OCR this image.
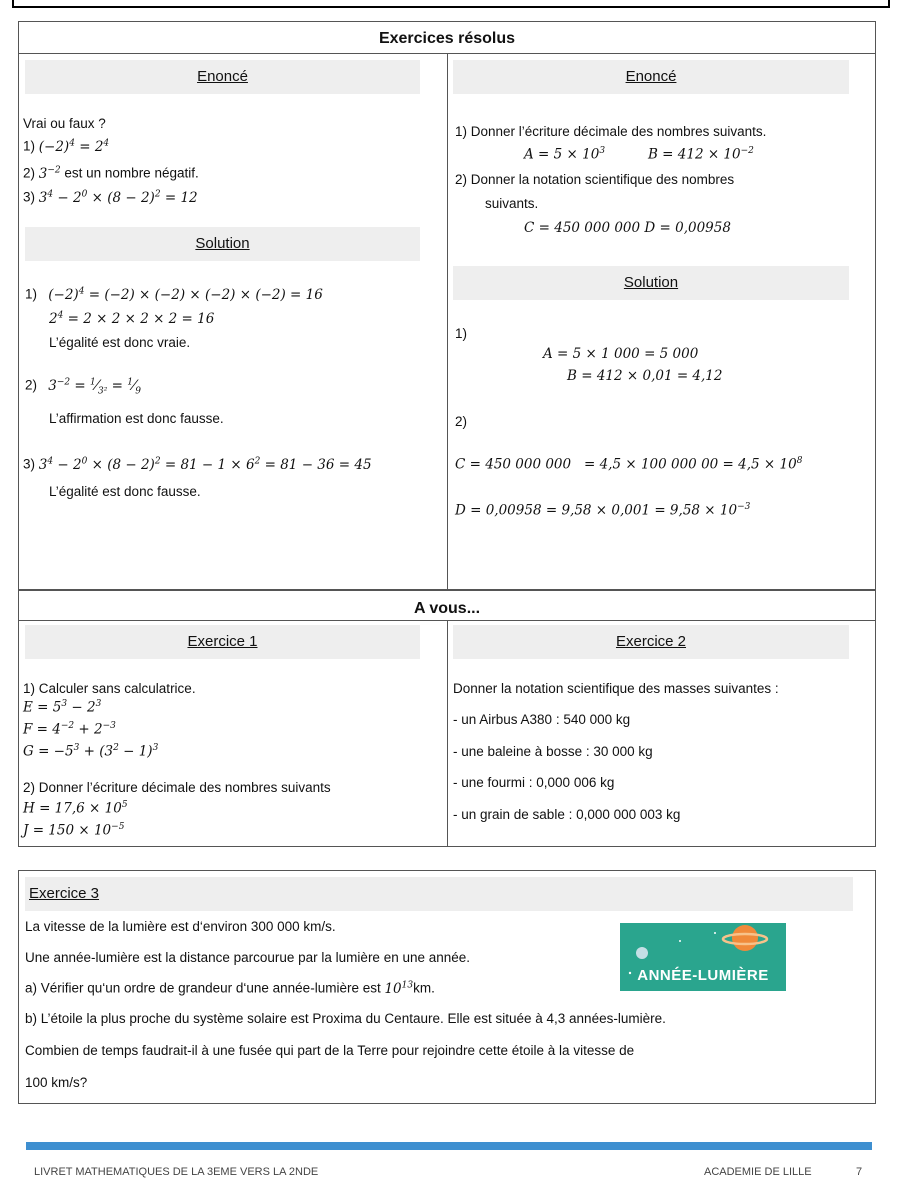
Exercices résolus
Enoncé
Vrai ou faux ?
1) $(-2)^4 = 2^4$
2) $3^{-2}$ est un nombre négatif.
3) $3^4 - 2^0 \times (8 - 2)^2 = 12$
Solution
1)   $(-2)^4 = (-2) \times (-2) \times (-2) \times (-2) = 16$
$2^4 = 2 \times 2 \times 2 \times 2 = 16$
L’égalité est donc vraie.
2)   $3^{-2}$ = $^1⁄_{3^2}$ = $^1⁄_9$
L’affirmation est donc fausse.
3) $3^4 - 2^0 \times (8 - 2)^2 = 81 - 1 \times 6^2 = 81 - 36 = 45$
L’égalité est donc fausse.
Enoncé
1) Donner l’écriture décimale des nombres suivants.
$A = 5 \times 10^3$          $B = 412 \times 10^{-2}$
2) Donner la notation scientifique des nombres
suivants.
C = 450 000 000 D = 0,00958
Solution
1)
A = 5 × 1 000 = 5 000
B = 412 × 0,01 = 4,12
2)
C = 450 000 000   = 4,5 × 100 000 $00 = 4,5 \times 10^8$
$D = 0,00958 = 9,58 \times 0,001 = 9,58 \times 10^{-3}$
A vous...
Exercice 1
1) Calculer sans calculatrice.
$E = 5^3 - 2^3$
$F = 4^{-2} + 2^{-3}$
$G = -5^3 + (3^2 - 1)^3$
2) Donner l’écriture décimale des nombres suivants
$H = 17,6 \times 10^5$
$J = 150 \times 10^{-5}$
Exercice 2
Donner la notation scientifique des masses suivantes :
- un Airbus A380 : 540 000 kg
- une baleine à bosse : 30 000 kg
- une fourmi : 0,000 006 kg
- un grain de sable : 0,000 000 003 kg
Exercice 3
La vitesse de la lumière est d‘environ 300 000 km/s.
Une année-lumière est la distance parcourue par la lumière en une année.
a) Vérifier qu‘un ordre de grandeur d‘une année-lumière est $10^{13}km$.
b) L’étoile la plus proche du système solaire est Proxima du Centaure. Elle est située à 4,3 années-lumière.
Combien de temps faudrait-il à une fusée qui part de la Terre pour rejoindre cette étoile à la vitesse de
100 km/s?
ANNÉE-LUMIÈRE
LIVRET MATHEMATIQUES DE LA 3EME VERS LA 2NDE	ACADEMIE DE LILLE	7
